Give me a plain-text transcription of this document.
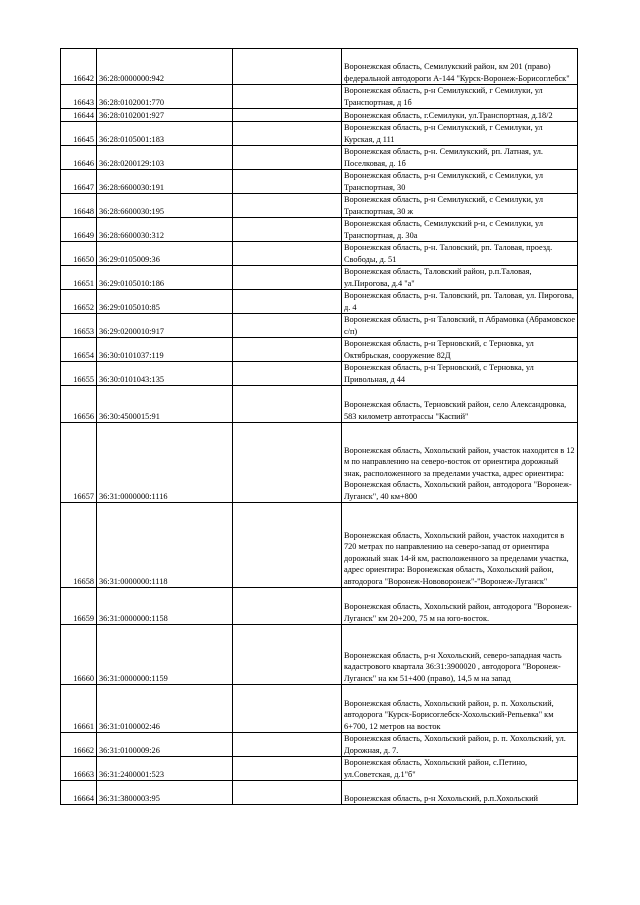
16642	36:28:0000000:942		Воронежская область, Семилукский район, км 201 (право) федеральной автодороги А-144 "Курск-Воронеж-Борисоглебск"
16643	36:28:0102001:770		Воронежская область, р-н Семилукский, г Семилуки, ул Транспортная, д 1б
16644	36:28:0102001:927		Воронежская область, г.Семилуки, ул.Транспортная, д.18/2
16645	36:28:0105001:183		Воронежская область, р-н Семилукский, г Семилуки, ул Курская, д 111
16646	36:28:0200129:103		Воронежская область, р-н. Семилукский, рп. Латная, ул. Поселковая, д. 1б
16647	36:28:6600030:191		Воронежская область, р-н Семилукский, с Семилуки, ул Транспортная, 30
16648	36:28:6600030:195		Воронежская область, р-н Семилукский, с Семилуки, ул Транспортная, 30 ж
16649	36:28:6600030:312		Воронежская область, Семилукский р-н, с Семилуки, ул Транспортная, д. 30а
16650	36:29:0105009:36		Воронежская область, р-н. Таловский, рп. Таловая, проезд. Свободы, д. 51
16651	36:29:0105010:186		Воронежская область, Таловский район, р.п.Таловая, ул.Пирогова, д.4 "а"
16652	36:29:0105010:85		Воронежская область, р-н. Таловский, рп. Таловая, ул. Пирогова, д. 4
16653	36:29:0200010:917		Воронежская область, р-н Таловский, п Абрамовка (Абрамовское с/п)
16654	36:30:0101037:119		Воронежская область, р-н Терновский, с Терновка, ул Октябрьская, сооружение 82Д
16655	36:30:0101043:135		Воронежская область, р-н Терновский, с Терновка, ул Привольная, д 44
16656	36:30:4500015:91		Воронежская область, Терновский район, село Александровка, 583 километр автотрассы "Каспий"
16657	36:31:0000000:1116		Воронежская область, Хохольский район, участок находится в 12 м по направлению на северо-восток от ориентира дорожный знак, расположенного за пределами участка, адрес ориентира: Воронежская область, Хохольский район, автодорога "Воронеж-Луганск", 40 км+800
16658	36:31:0000000:1118		Воронежская область, Хохольский район, участок находится в 720 метрах по направлению на северо-запад от ориентира дорожный знак 14-й км, расположенного за пределами участка, адрес ориентира: Воронежская область, Хохольский район, автодорога "Воронеж-Нововоронеж"-"Воронеж-Луганск"
16659	36:31:0000000:1158		Воронежская область, Хохольский район, автодорога "Воронеж-Луганск" км 20+200, 75 м на юго-восток.
16660	36:31:0000000:1159		Воронежская область, р-н Хохольский, северо-западная часть кадастрового квартала 36:31:3900020 , автодорога "Воронеж-Луганск" на км 51+400 (право), 14,5 м на запад
16661	36:31:0100002:46		Воронежская область, Хохольский район, р. п. Хохольский, автодорога "Курск-Борисоглебск-Хохольский-Репьевка" км 6+700, 12 метров на восток
16662	36:31:0100009:26		Воронежская область, Хохольский район, р. п. Хохольский, ул. Дорожная, д. 7.
16663	36:31:2400001:523		Воронежская область, Хохольский район, с.Петино, ул.Советская, д.1"б"
16664	36:31:3800003:95		Воронежская область, р-н Хохольский, р.п.Хохольский
